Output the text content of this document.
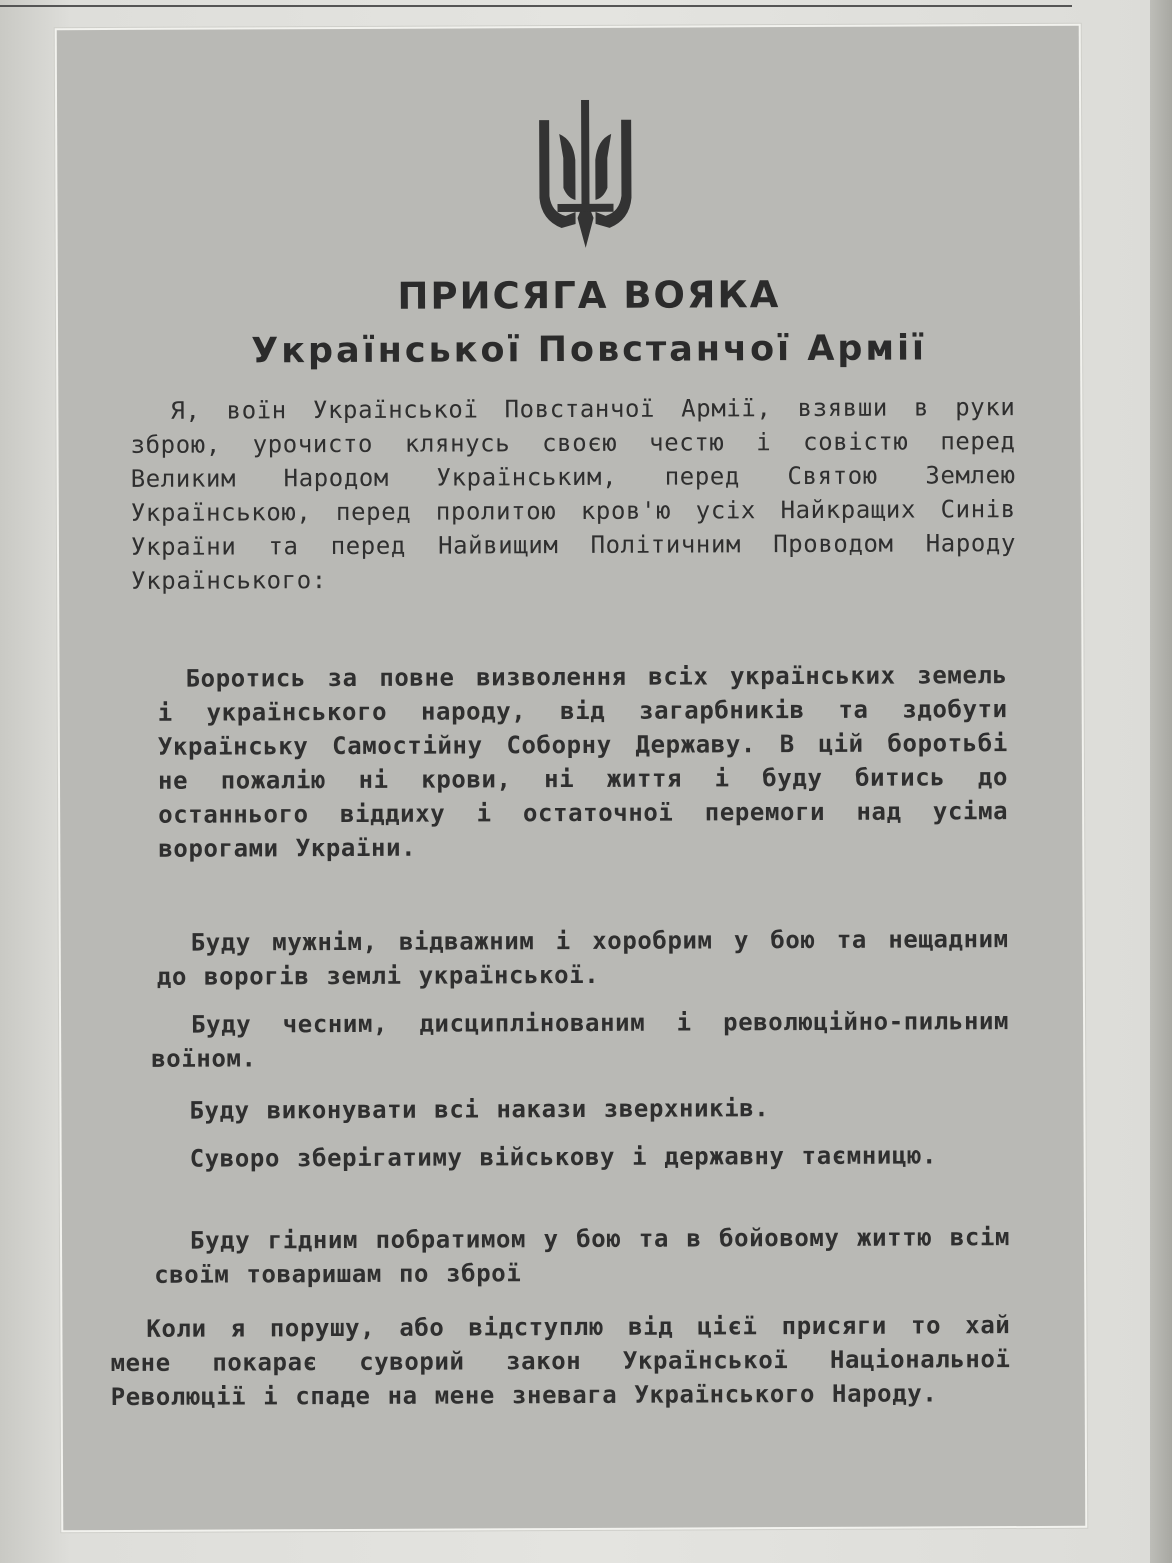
ПРИСЯГА ВОЯКА
Української Повстанчої Армії

Я, воїн Української Повстанчої Армії, взявши в руки зброю, урочисто клянусь своєю честю і совістю перед Великим Народом Українським, перед Святою Землею Українською, перед пролитою кров'ю усіх Найкращих Синів України та перед Найвищим Політичним Проводом Народу Українського:

Боротись за повне визволення всіх українських земель і українського народу, від загарбників та здобути Українську Самостійну Соборну Державу. В цій боротьбі не пожалію ні крови, ні життя і буду битись до останнього віддиху і остаточної перемоги над усіма ворогами України.

Буду мужнім, відважним і хоробрим у бою та нещадним до ворогів землі української.

Буду чесним, дисциплінованим і революційно-пильним воїном.

Буду виконувати всі накази зверхників.

Суворо зберігатиму військову і державну таємницю.

Буду гідним побратимом у бою та в бойовому життю всім своїм товаришам по зброї

Коли я порушу, або відступлю від цієї присяги то хай мене покарає суворий закон Української Національної Революції і спаде на мене зневага Українського Народу.
